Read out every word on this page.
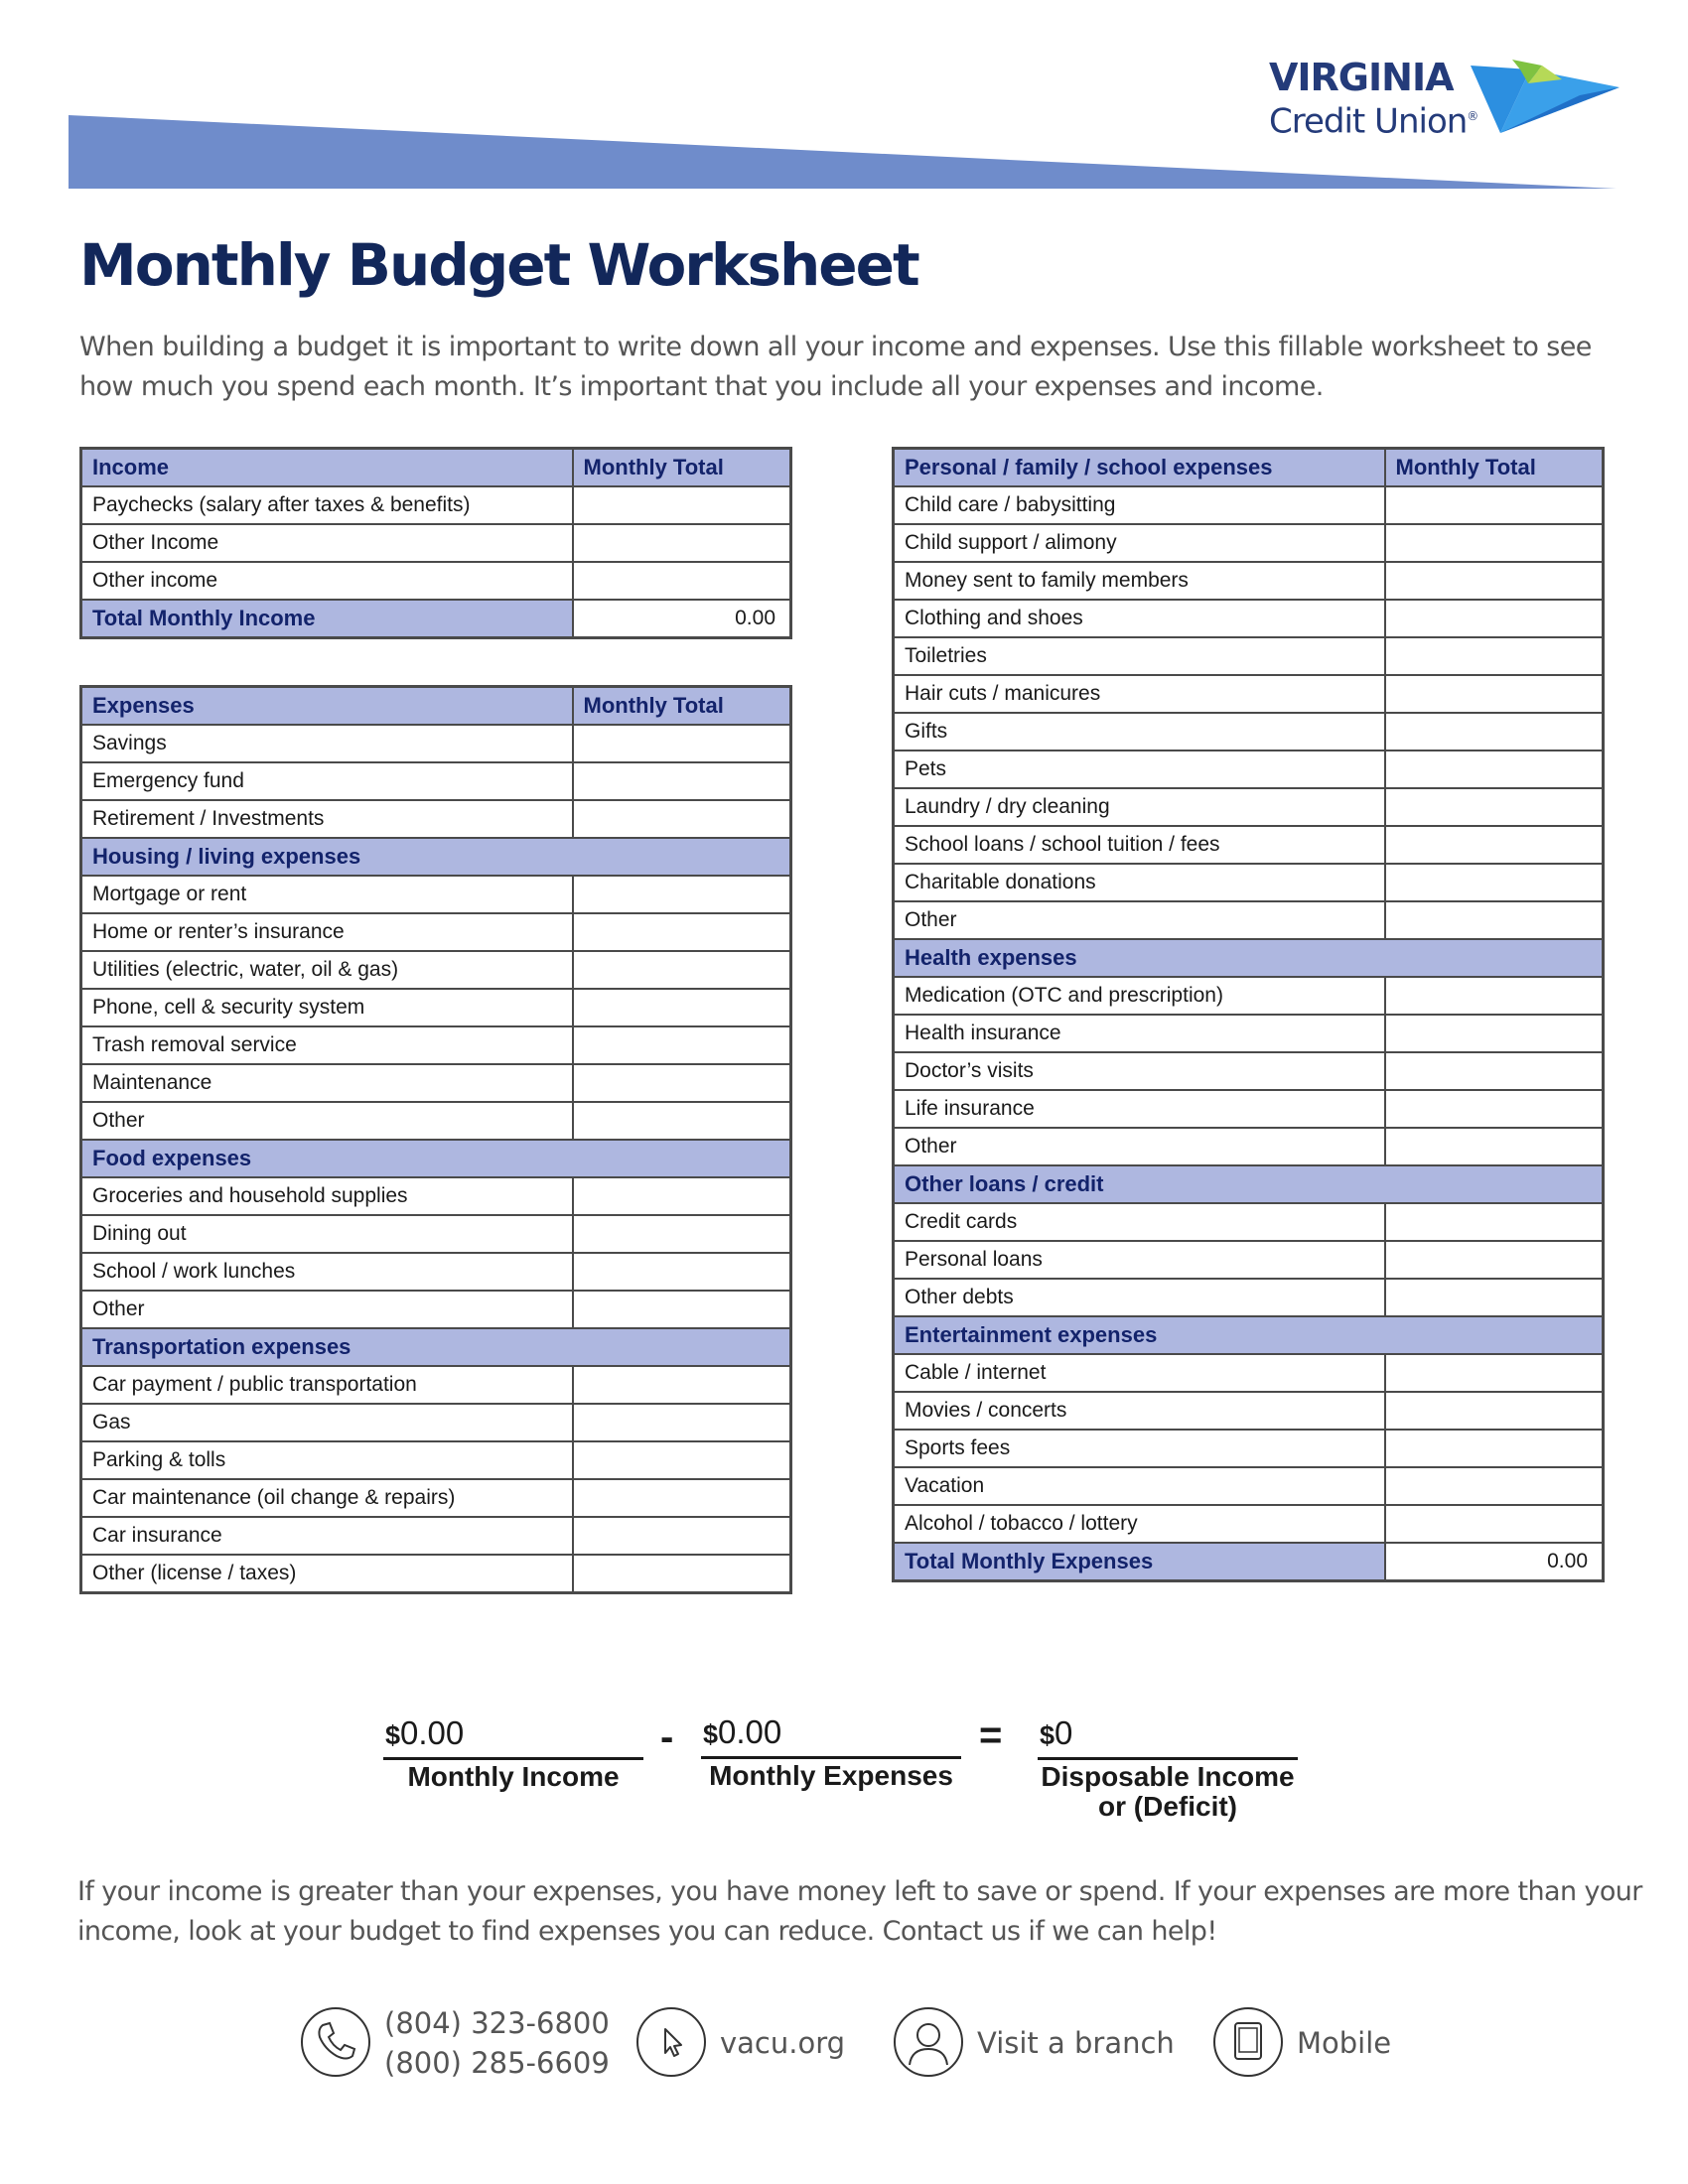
VIRGINIA
Credit Union®
Monthly Budget Worksheet
When building a budget it is important to write down all your income and expenses. Use this fillable worksheet to see how much you spend each month. It’s important that you include all your expenses and income.
Income	Monthly Total
Paychecks (salary after taxes & benefits)	
Other Income	
Other income	
Total Monthly Income	0.00
Expenses	Monthly Total
Savings	
Emergency fund	
Retirement / Investments	
Housing / living expenses	
Mortgage or rent	
Home or renter’s insurance	
Utilities (electric, water, oil & gas)	
Phone, cell & security system	
Trash removal service	
Maintenance	
Other	
Food expenses	
Groceries and household supplies	
Dining out	
School / work lunches	
Other	
Transportation expenses	
Car payment / public transportation	
Gas	
Parking & tolls	
Car maintenance (oil change & repairs)	
Car insurance	
Other (license / taxes)	
Personal / family / school expenses	Monthly Total
Child care / babysitting	
Child support / alimony	
Money sent to family members	
Clothing and shoes	
Toiletries	
Hair cuts / manicures	
Gifts	
Pets	
Laundry / dry cleaning	
School loans / school tuition / fees	
Charitable donations	
Other	
Health expenses	
Medication (OTC and prescription)	
Health insurance	
Doctor’s visits	
Life insurance	
Other	
Other loans / credit	
Credit cards	
Personal loans	
Other debts	
Entertainment expenses	
Cable / internet	
Movies / concerts	
Sports fees	
Vacation	
Alcohol / tobacco / lottery	
Total Monthly Expenses	0.00
$0.00
Monthly Income
- $0.00
Monthly Expenses
= $0
Disposable Income
or (Deficit)
If your income is greater than your expenses, you have money left to save or spend. If your expenses are more than your income, look at your budget to find expenses you can reduce. Contact us if we can help!
(804) 323-6800
(800) 285-6609
vacu.org	Visit a branch	Mobile
